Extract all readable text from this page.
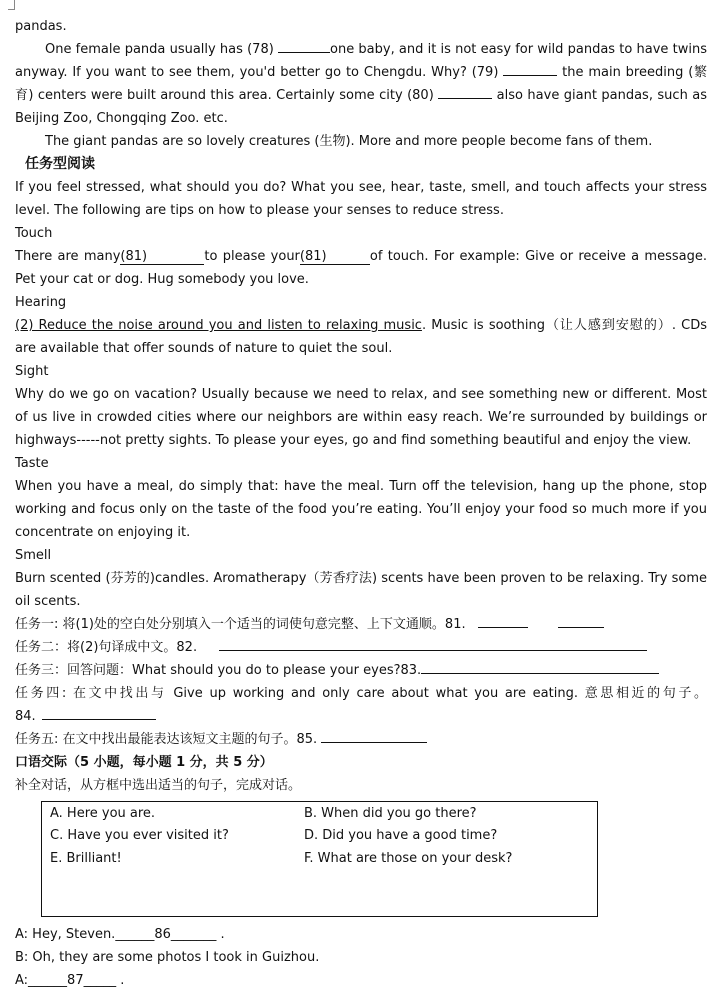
pandas.

One female panda usually has (78)	one baby, and it is not easy for wild pandas to have twins anyway. If you want to see them, you'd better go to Chengdu. Why? (79)	the main breeding (繁育) centers were built around this area. Certainly some city (80)	also have giant pandas, such as Beijing Zoo, Chongqing Zoo. etc.

The giant pandas are so lovely creatures (生物). More and more people become fans of them.

任务型阅读

If you feel stressed, what should you do? What you see, hear, taste, smell, and touch affects your stress level. The following are tips on how to please your senses to reduce stress.

Touch

There are many(81)	to please your(81)	of touch. For example: Give or receive a message. Pet your cat or dog. Hug somebody you love.

Hearing

(2) Reduce the noise around you and listen to relaxing music. Music is soothing（让人感到安慰的）. CDs are available that offer sounds of nature to quiet the soul.

Sight

Why do we go on vacation? Usually because we need to relax, and see something new or different. Most of us live in crowded cities where our neighbors are within easy reach. We’re surrounded by buildings or highways-----not pretty sights. To please your eyes, go and find something beautiful and enjoy the view.

Taste

When you have a meal, do simply that: have the meal. Turn off the television, hang up the phone, stop working and focus only on the taste of the food you’re eating. You’ll enjoy your food so much more if you concentrate on enjoying it.

Smell

Burn scented (芬芳的)candles. Aromatherapy（芳香疗法) scents have been proven to be relaxing. Try some oil scents.

任务一: 将(1)处的空白处分别填入一个适当的词使句意完整、上下文通顺。81.

任务二：将(2)句译成中文。82.

任务三：回答问题：What should you do to please your eyes?83.

任务四: 在文中找出与 Give up working and only care about what you are eating. 意思相近的句子。

84.

任务五: 在文中找出最能表达该短文主题的句子。85.

口语交际（5 小题，每小题 1 分，共 5 分）

补全对话，从方框中选出适当的句子，完成对话。

A. Here you are.	B. When did you go there?
C. Have you ever visited it?	D. Did you have a good time?
E. Brilliant!	F. What are those on your desk?

A: Hey, Steven.______86_______ .

B: Oh, they are some photos I took in Guizhou.

A:______87_____ .
